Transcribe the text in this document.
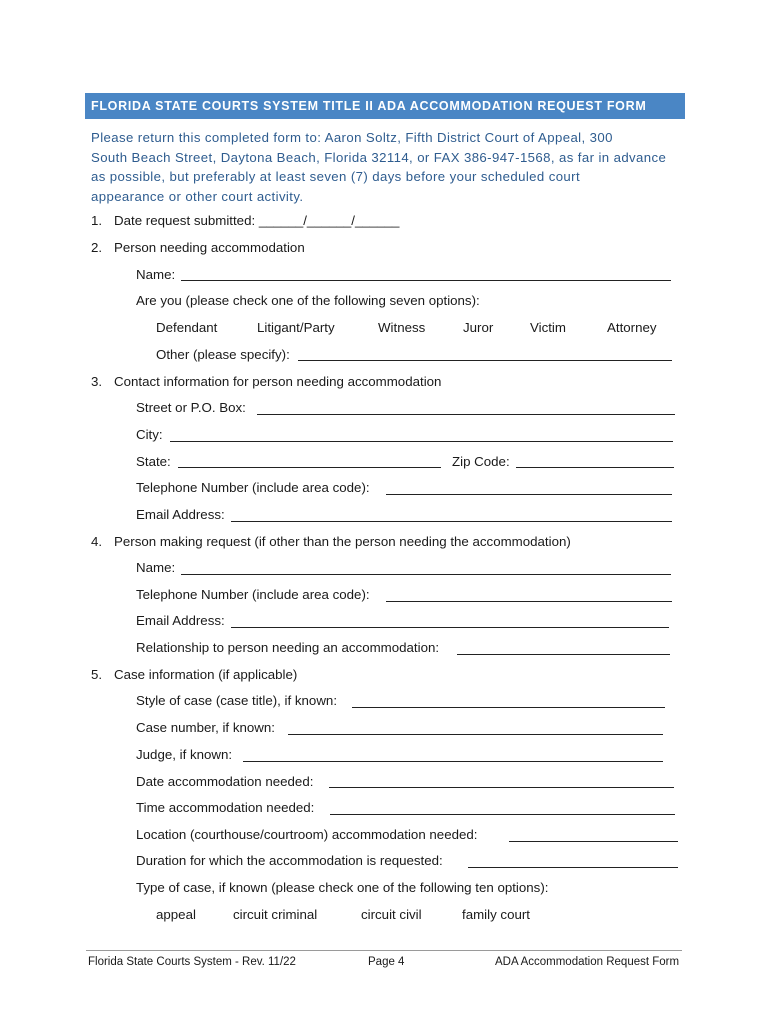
FLORIDA STATE COURTS SYSTEM TITLE II ADA ACCOMMODATION REQUEST FORM
Please return this completed form to: Aaron Soltz, Fifth District Court of Appeal, 300
South Beach Street, Daytona Beach, Florida 32114, or FAX 386-947-1568, as far in advance
as possible, but preferably at least seven (7) days before your scheduled court
appearance or other court activity.
1. Date request submitted: ______/______/______
2. Person needing accommodation
Name:
Are you (please check one of the following seven options):
Defendant	Litigant/Party	Witness	Juror	Victim	Attorney
Other (please specify):
3. Contact information for person needing accommodation
Street or P.O. Box:
City:
State:	Zip Code:
Telephone Number (include area code):
Email Address:
4. Person making request (if other than the person needing the accommodation)
Name:
Telephone Number (include area code):
Email Address:
Relationship to person needing an accommodation:
5. Case information (if applicable)
Style of case (case title), if known:
Case number, if known:
Judge, if known:
Date accommodation needed:
Time accommodation needed:
Location (courthouse/courtroom) accommodation needed:
Duration for which the accommodation is requested:
Type of case, if known (please check one of the following ten options):
appeal	circuit criminal	circuit civil	family court
Florida State Courts System - Rev. 11/22	Page 4	ADA Accommodation Request Form
